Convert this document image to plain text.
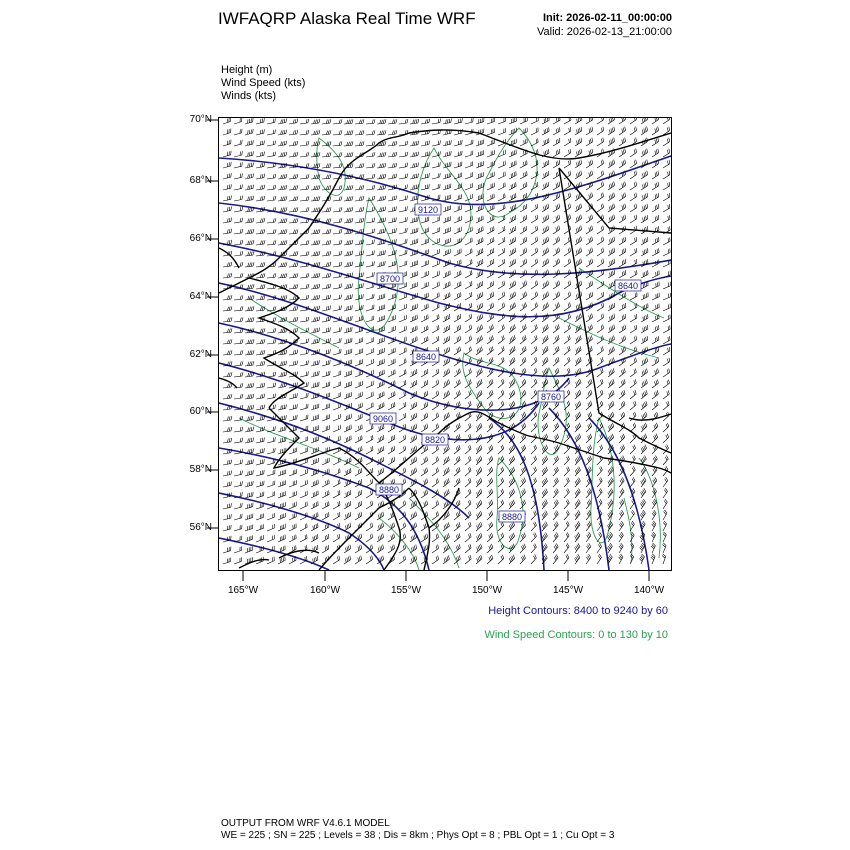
IWFAQRP Alaska Real Time WRF	Init: 2026-02-11_00:00:00
Valid: 2026-02-13_21:00:00
Height (m)
Wind Speed (kts)
Winds (kts)
70°N
68°N
66°N
64°N
62°N
60°N
58°N
56°N
165°W	160°W	155°W	150°W	145°W	140°W
9120
8640
8700
8640
8760
8820
8880
8880
9060
Height Contours: 8400 to 9240 by 60
Wind Speed Contours: 0 to 130 by 10
OUTPUT FROM WRF V4.6.1 MODEL
WE = 225 ; SN = 225 ; Levels = 38 ; Dis = 8km ; Phys Opt = 8 ; PBL Opt = 1 ; Cu Opt = 3
